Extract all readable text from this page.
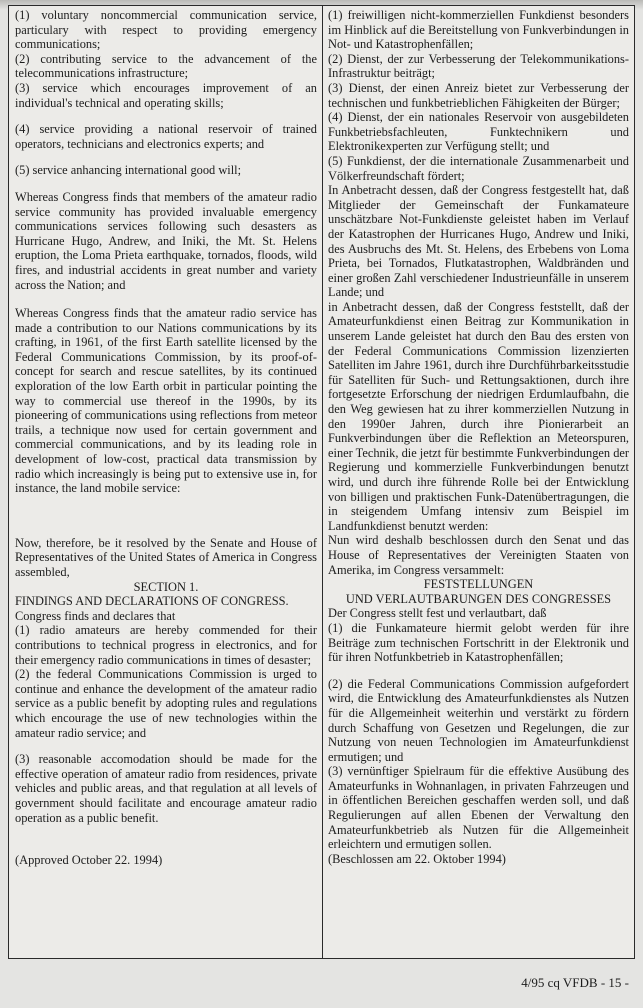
(1) voluntary noncommercial communication service, particulary with respect to providing emergency communications;

(2) contributing service to the advancement of the telecommunications infrastructure;

(3) service which encourages improvement of an individual's technical and operating skills;

(4) service providing a national reservoir of trained operators, technicians and electronics experts; and

(5) service anhancing international good will;

Whereas Congress finds that members of the amateur radio service community has provided invaluable emergency communications services following such desasters as Hurricane Hugo, Andrew, and Iniki, the Mt. St. Helens eruption, the Loma Prieta earthquake, tornados, floods, wild fires, and industrial accidents in great number and variety across the Nation; and

Whereas Congress finds that the amateur radio service has made a contribution to our Nations communications by its crafting, in 1961, of the first Earth satellite licensed by the Federal Communications Commission, by its proof-of-concept for search and rescue satellites, by its continued exploration of the low Earth orbit in particular pointing the way to commercial use thereof in the 1990s, by its pioneering of communications using reflections from meteor trails, a technique now used for certain government and commercial communications, and by its leading role in development of low-cost, practical data transmission by radio which increasingly is being put to extensive use in, for instance, the land mobile service:

Now, therefore, be it resolved by the Senate and House of Representatives of the United States of America in Congress assembled,

SECTION 1.

FINDINGS AND DECLARATIONS OF CONGRESS.

Congress finds and declares that

(1) radio amateurs are hereby commended for their contributions to technical progress in electronics, and for their emergency radio communications in times of desaster;

(2) the federal Communications Commission is urged to continue and enhance the development of the amateur radio service as a public benefit by adopting rules and regulations which encourage the use of new technologies within the amateur radio service; and

(3) reasonable accomodation should be made for the effective operation of amateur radio from residences, private vehicles and public areas, and that regulation at all levels of government should facilitate and encourage amateur radio operation as a public benefit.

(Approved October 22. 1994)

(1) freiwilligen nicht-kommerziellen Funkdienst besonders im Hinblick auf die Bereitstellung von Funkverbindungen in Not- und Katastrophenfällen;

(2) Dienst, der zur Verbesserung der Telekommunikations- Infrastruktur beiträgt;

(3) Dienst, der einen Anreiz bietet zur Verbesserung der technischen und funkbetrieblichen Fähigkeiten der Bürger;

(4) Dienst, der ein nationales Reservoir von ausgebildeten Funkbetriebsfachleuten, Funktechnikern und Elektronikexperten zur Verfügung stellt; und

(5) Funkdienst, der die internationale Zusammenarbeit und Völkerfreundschaft fördert;

In Anbetracht dessen, daß der Congress festgestellt hat, daß Mitglieder der Gemeinschaft der Funkamateure unschätzbare Not-Funkdienste geleistet haben im Verlauf der Katastrophen der Hurricanes Hugo, Andrew und Iniki, des Ausbruchs des Mt. St. Helens, des Erbebens von Loma Prieta, bei Tornados, Flutkatastrophen, Waldbränden und einer großen Zahl verschiedener Industrieunfälle in unserem Lande; und

in Anbetracht dessen, daß der Congress feststellt, daß der Amateurfunkdienst einen Beitrag zur Kommunikation in unserem Lande geleistet hat durch den Bau des ersten von der Federal Communications Commission lizenzierten Satelliten im Jahre 1961, durch ihre Durchführbarkeitsstudie für Satelliten für Such- und Rettungsaktionen, durch ihre fortgesetzte Erforschung der niedrigen Erdumlaufbahn, die den Weg gewiesen hat zu ihrer kommerziellen Nutzung in den 1990er Jahren, durch ihre Pionierarbeit an Funkverbindungen über die Reflektion an Meteorspuren, einer Technik, die jetzt für bestimmte Funkverbindungen der Regierung und kommerzielle Funkverbindungen benutzt wird, und durch ihre führende Rolle bei der Entwicklung von billigen und praktischen Funk-Datenübertragungen, die in steigendem Umfang intensiv zum Beispiel im Landfunkdienst benutzt werden:

Nun wird deshalb beschlossen durch den Senat und das House of Representatives der Vereinigten Staaten von Amerika, im Congress versammelt:

FESTSTELLUNGEN

UND VERLAUTBARUNGEN DES CONGRESSES

Der Congress stellt fest und verlautbart, daß

(1) die Funkamateure hiermit gelobt werden für ihre Beiträge zum technischen Fortschritt in der Elektronik und für ihren Notfunkbetrieb in Katastrophenfällen;

(2) die Federal Communications Commission aufgefordert wird, die Entwicklung des Amateurfunkdienstes als Nutzen für die Allgemeinheit weiterhin und verstärkt zu fördern durch Schaffung von Gesetzen und Regelungen, die zur Nutzung von neuen Technologien im Amateurfunkdienst ermutigen; und

(3) vernünftiger Spielraum für die effektive Ausübung des Amateurfunks in Wohnanlagen, in privaten Fahrzeugen und in öffentlichen Bereichen geschaffen werden soll, und daß Regulierungen auf allen Ebenen der Verwaltung den Amateurfunkbetrieb als Nutzen für die Allgemeinheit erleichtern und ermutigen sollen.

(Beschlossen am 22. Oktober 1994)

4/95 cq VFDB - 15 -
